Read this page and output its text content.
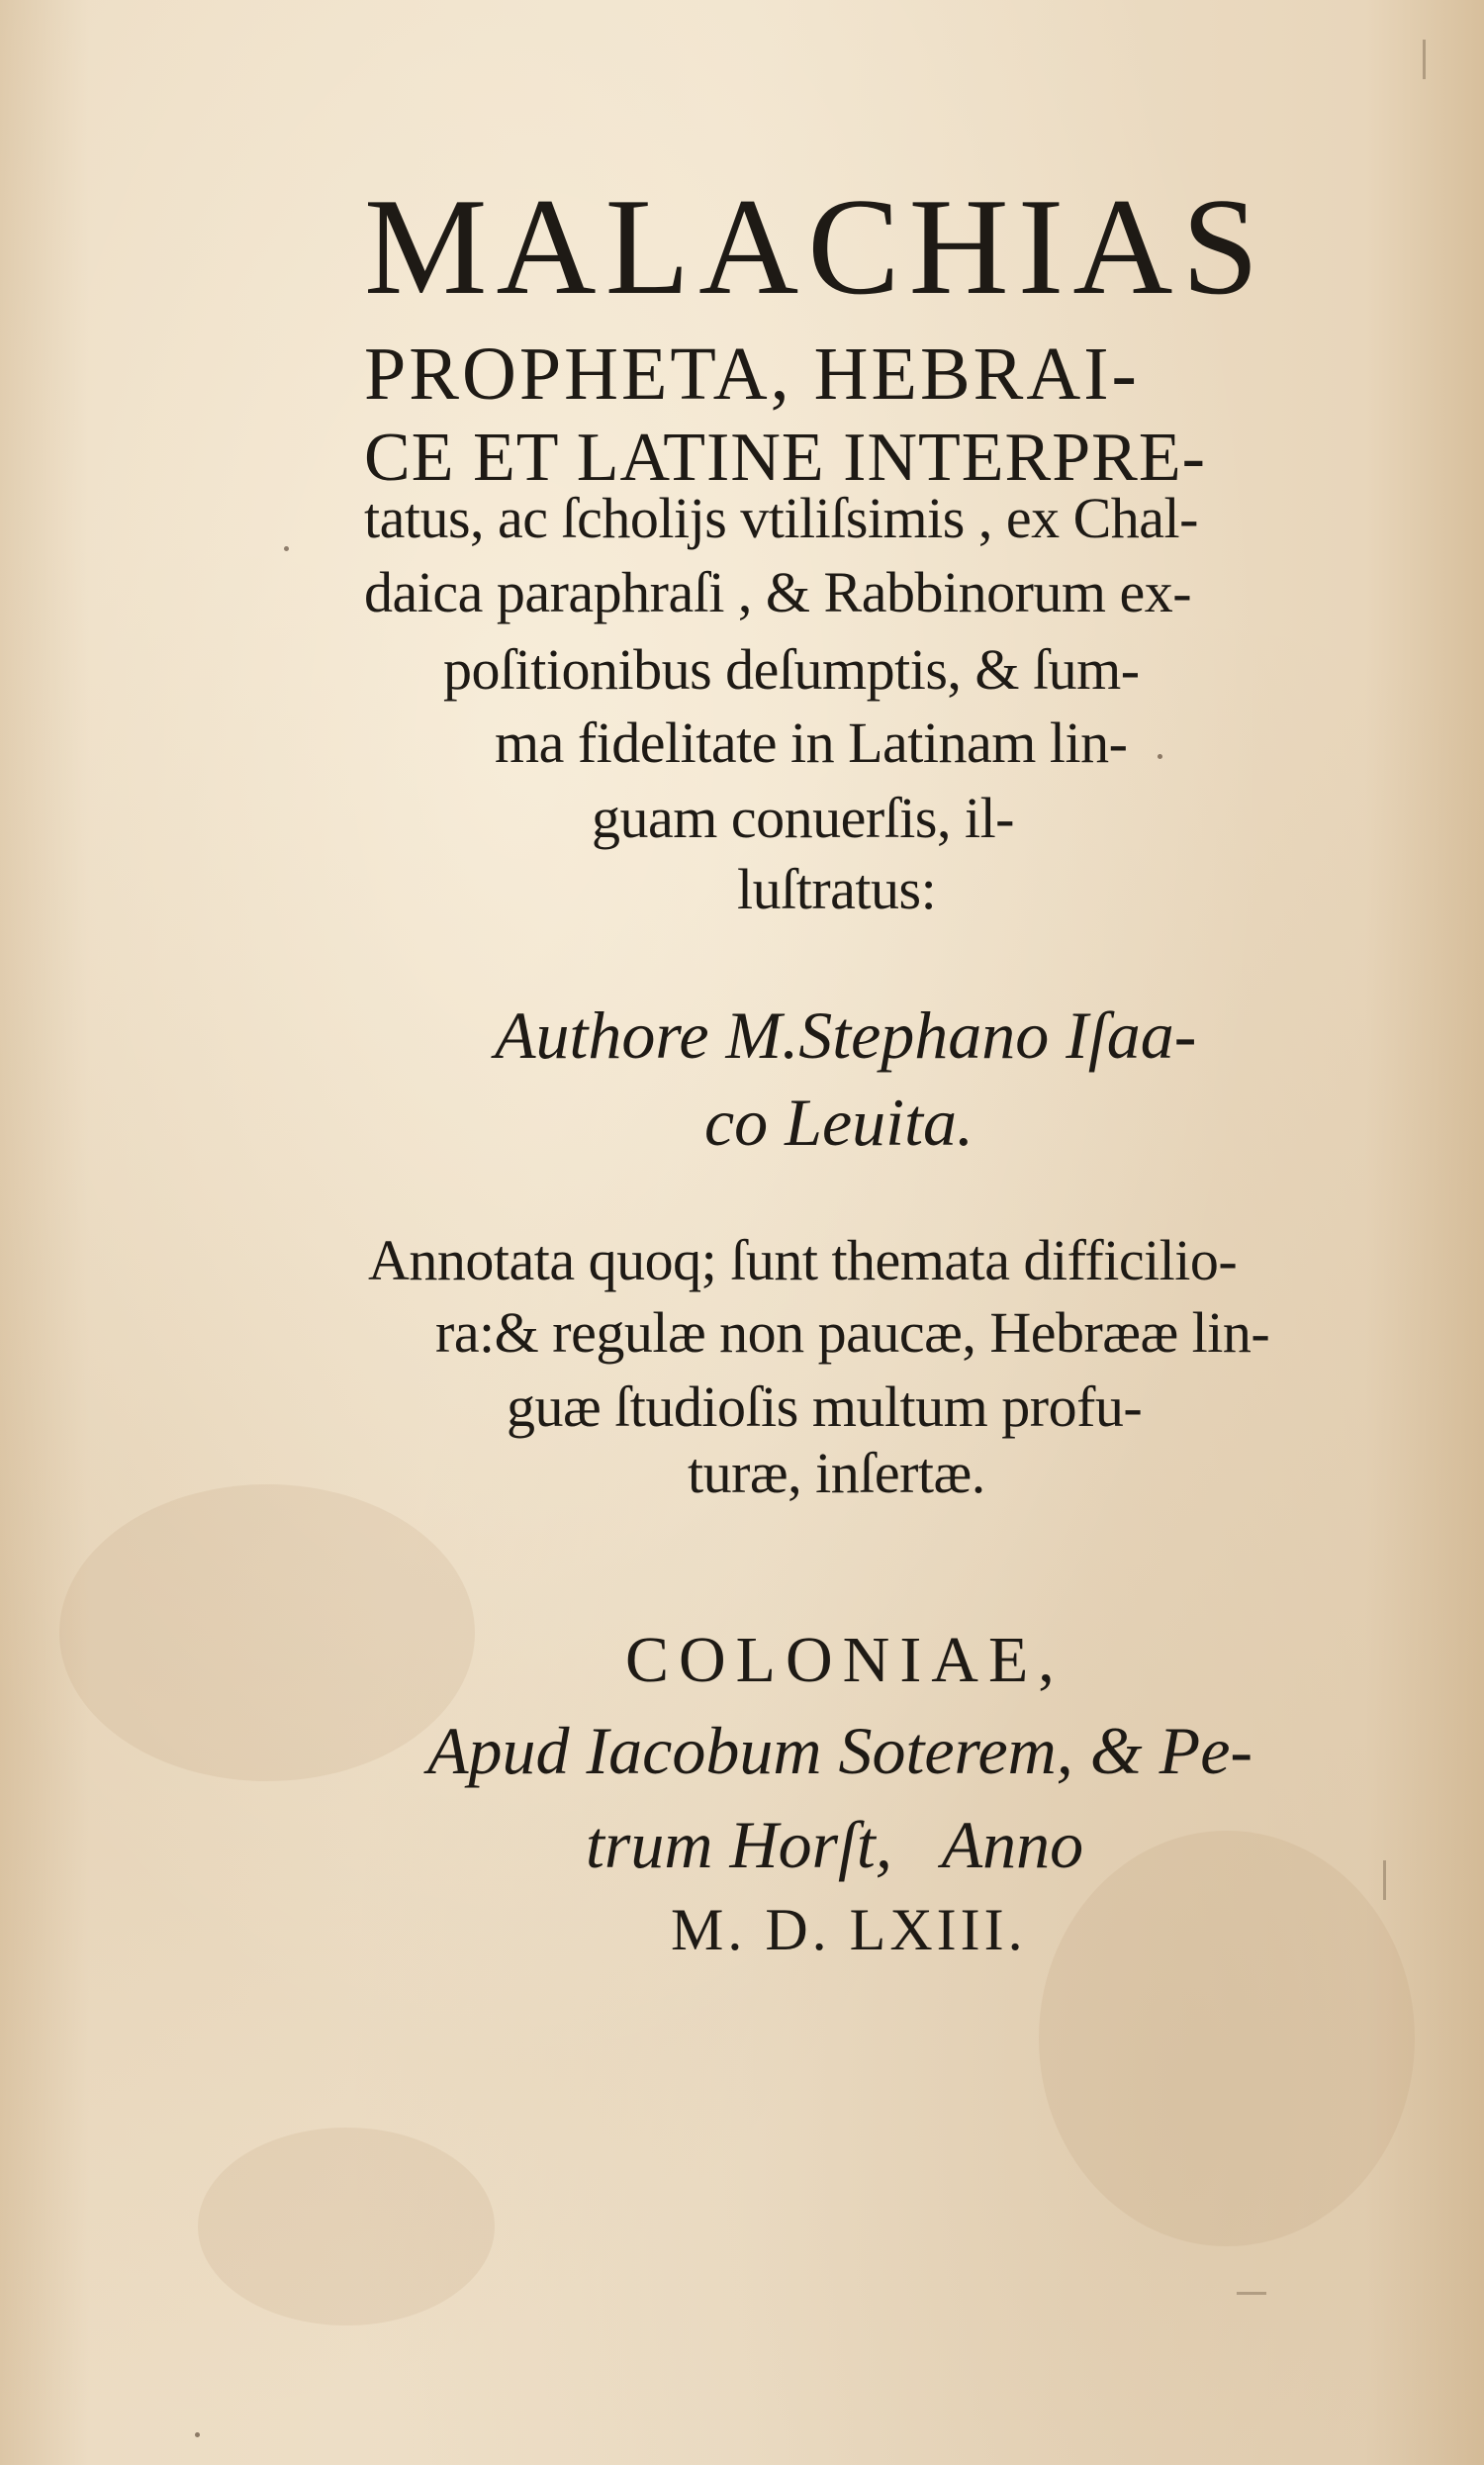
MALACHIAS
PROPHETA, HEBRAI-
CE ET LATINE INTERPRE-
tatus, ac ſcholijs vtiliſsimis , ex Chal-
daica paraphraſi , & Rabbinorum ex-
poſitionibus deſumptis, & ſum-
ma fidelitate in Latinam lin-
guam conuerſis, il-
luſtratus:
Authore M.Stephano Iſaa-
co Leuita.
Annotata quoq; ſunt themata difficilio-
ra:& regulæ non paucæ, Hebrææ lin-
guæ ſtudioſis multum profu-
turæ, inſertæ.
COLONIAE,
Apud Iacobum Soterem, & Pe-
trum Horſt,   Anno
M. D. LXIII.
